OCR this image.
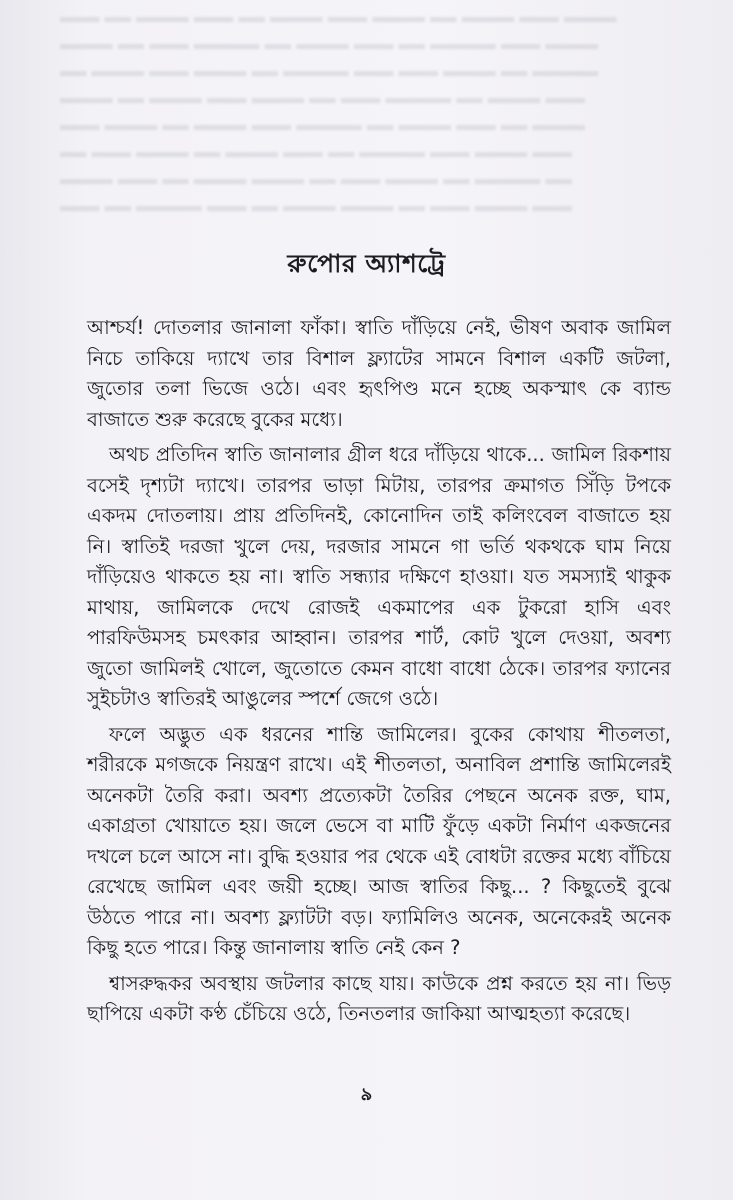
▂▂▂ ▂▂ ▂▂▂▂ ▂▂▂ ▂▂ ▂▂▂▂ ▂▂▂ ▂▂▂▂ ▂▂ ▂▂▂▂ ▂▂▂ ▂▂▂▂
▂▂▂▂ ▂▂ ▂▂▂ ▂▂▂▂▂ ▂▂ ▂▂▂▂ ▂▂▂ ▂▂ ▂▂▂▂▂ ▂▂▂ ▂▂▂▂
▂▂ ▂▂▂▂ ▂▂▂ ▂▂▂▂ ▂▂ ▂▂▂▂▂ ▂▂▂ ▂▂▂ ▂▂▂▂ ▂▂ ▂▂▂▂▂
▂▂▂▂ ▂▂ ▂▂▂▂ ▂▂▂ ▂▂▂▂ ▂▂ ▂▂▂ ▂▂▂▂▂ ▂▂ ▂▂▂▂ ▂▂▂
▂▂▂ ▂▂▂▂ ▂▂ ▂▂▂▂ ▂▂▂ ▂▂▂▂▂ ▂▂ ▂▂▂▂ ▂▂▂ ▂▂ ▂▂▂▂
▂▂ ▂▂▂ ▂▂▂▂ ▂▂ ▂▂▂▂ ▂▂▂ ▂▂ ▂▂▂▂▂ ▂▂▂ ▂▂▂▂ ▂▂▂
▂▂▂▂ ▂▂▂ ▂▂ ▂▂▂▂ ▂▂▂▂ ▂▂ ▂▂▂ ▂▂▂▂ ▂▂ ▂▂▂▂▂ ▂▂
▂▂▂ ▂▂ ▂▂▂▂▂ ▂▂▂ ▂▂ ▂▂▂▂ ▂▂▂▂ ▂▂ ▂▂▂ ▂▂▂▂ ▂▂▂
রুপোর অ্যাশট্রে

আশ্চর্য! দোতলার জানালা ফাঁকা। স্বাতি দাঁড়িয়ে নেই, ভীষণ অবাক জামিল নিচে তাকিয়ে দ্যাখে তার বিশাল ফ্ল্যাটের সামনে বিশাল একটি জটলা, জুতোর তলা ভিজে ওঠে। এবং হৃৎপিণ্ড মনে হচ্ছে অকস্মাৎ কে ব্যান্ড বাজাতে শুরু করেছে বুকের মধ্যে।

অথচ প্রতিদিন স্বাতি জানালার গ্রীল ধরে দাঁড়িয়ে থাকে... জামিল রিকশায় বসেই দৃশ্যটা দ্যাখে। তারপর ভাড়া মিটায়, তারপর ক্রমাগত সিঁড়ি টপকে একদম দোতলায়। প্রায় প্রতিদিনই, কোনোদিন তাই কলিংবেল বাজাতে হয় নি। স্বাতিই দরজা খুলে দেয়, দরজার সামনে গা ভর্তি থকথকে ঘাম নিয়ে দাঁড়িয়েও থাকতে হয় না। স্বাতি সন্ধ্যার দক্ষিণে হাওয়া। যত সমস্যাই থাকুক মাথায়, জামিলকে দেখে রোজই একমাপের এক টুকরো হাসি এবং পারফিউমসহ চমৎকার আহ্বান। তারপর শার্ট, কোট খুলে দেওয়া, অবশ্য জুতো জামিলই খোলে, জুতোতে কেমন বাধো বাধো ঠেকে। তারপর ফ্যানের সুইচটাও স্বাতিরই আঙুলের স্পর্শে জেগে ওঠে।

ফলে অদ্ভুত এক ধরনের শান্তি জামিলের। বুকের কোথায় শীতলতা, শরীরকে মগজকে নিয়ন্ত্রণ রাখে। এই শীতলতা, অনাবিল প্রশান্তি জামিলেরই অনেকটা তৈরি করা। অবশ্য প্রত্যেকটা তৈরির পেছনে অনেক রক্ত, ঘাম, একাগ্রতা খোয়াতে হয়। জলে ভেসে বা মাটি ফুঁড়ে একটা নির্মাণ একজনের দখলে চলে আসে না। বুদ্ধি হওয়ার পর থেকে এই বোধটা রক্তের মধ্যে বাঁচিয়ে রেখেছে জামিল এবং জয়ী হচ্ছে। আজ স্বাতির কিছু... ? কিছুতেই বুঝে উঠতে পারে না। অবশ্য ফ্ল্যাটটা বড়। ফ্যামিলিও অনেক, অনেকেরই অনেক কিছু হতে পারে। কিন্তু জানালায় স্বাতি নেই কেন ?

শ্বাসরুদ্ধকর অবস্থায় জটলার কাছে যায়। কাউকে প্রশ্ন করতে হয় না। ভিড় ছাপিয়ে একটা কণ্ঠ চেঁচিয়ে ওঠে, তিনতলার জাকিয়া আত্মহত্যা করেছে।

৯
